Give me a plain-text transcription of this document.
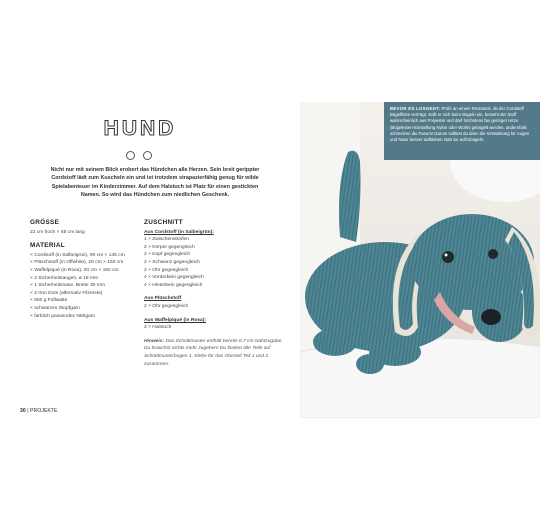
HUND

Nicht nur mit seinem Blick erobert das Hündchen alle Herzen. Sein breit gerippter Cordstoff lädt zum Kuscheln ein und ist trotzdem strapazierfähig genug für wilde Spielabenteuer im Kinderzimmer. Auf dem Halstuch ist Platz für einen gestickten Namen. So wird das Hündchen zum niedlichen Geschenk.
GRÖSSE
22 cm hoch × 55 cm lang
MATERIAL
× Cordstoff (in Salbeigrün), 90 cm × 145 cm
× Plüschstoff (in Offwhite), 20 cm × 150 cm
× Waffelpiqué (in Rosa), 20 cm × 150 cm
× 2 Sicherheitsaugen, ø 18 mm
× 1 Sicherheitsnase, Breite 30 mm
× 2 Iron Dots (alternativ Filzreste)
× 600 g Füllwatte
× schwarzes Stopfgarn
× farblich passendes Nähgarn
ZUSCHNITT
Aus Cordstoff (in Salbeigrün):
1 × Zwischenstreifen
2 × Körper gegengleich
2 × Kopf gegengleich
2 × Schwanz gegengleich
2 × Ohr gegengleich
4 × Vorderbein gegengleich
4 × Hinterbein gegengleich
Aus Plüschstoff
2 × Ohr gegengleich
Aus Waffelpiqué (in Rosa):
2 × Halstuch
Hinweis: Das Schnittmuster enthält bereits 0,7 cm Nahtzugabe. Du brauchst nichts mehr zugeben! Du findest alle Teile auf Schnittmusterbogen 1. Klebe für das Oberteil Teil 1 und 2 zusammen.
30 | PROJEKTE
BEVOR ES LOSGEHT: Prüfe an einem Reststück, ob der Cordstoff Bügelhitze verträgt. Sollt er sich beim Bügeln ein, besteht der Stoff wahrscheinlich aus Polyester und darf höchstens bei geringer Hitze (Bügeleisen-Einstellung Nylon oder Wolle) gebügelt werden, andernfalls schmelzen die Fasern! Darum solltest du dann die Verstärkung für Augen und Nase besser aufbleben statt sie aufzubügeln.
